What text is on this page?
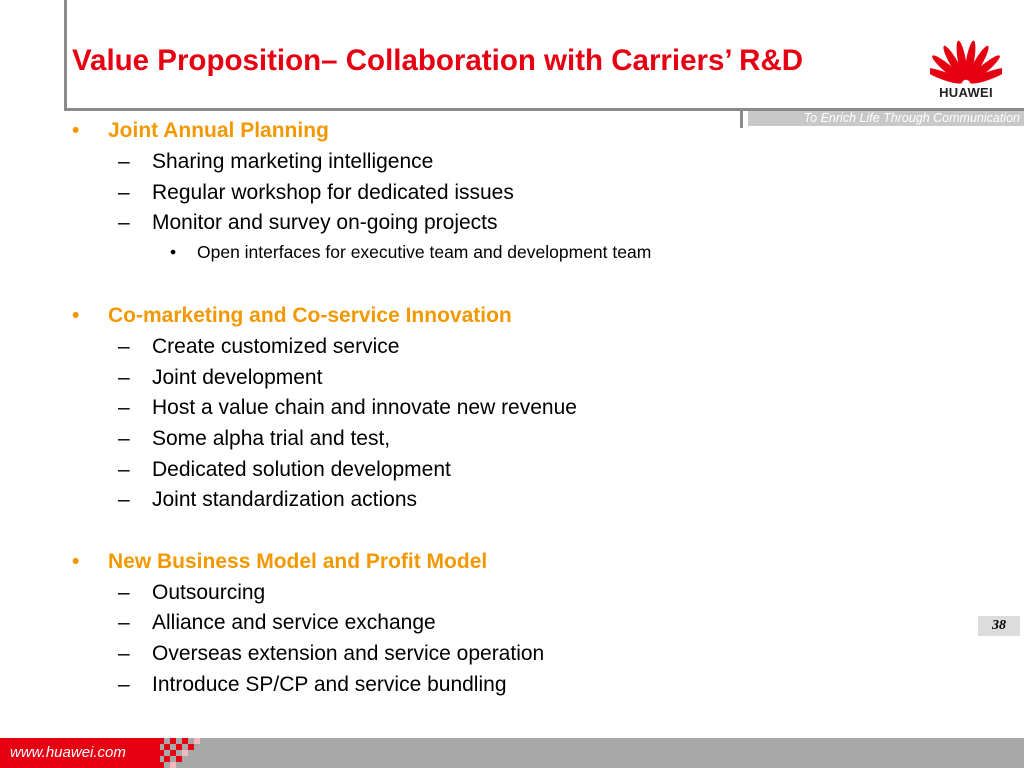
Value Proposition– Collaboration with Carriers’ R&D
HUAWEI
To Enrich Life Through Communication
• Joint Annual Planning
– Sharing marketing intelligence
– Regular workshop for dedicated issues
– Monitor and survey on-going projects
• Open interfaces for executive team and development team
• Co-marketing and Co-service Innovation
– Create customized service
– Joint development
– Host a value chain and innovate new revenue
– Some alpha trial and test,
– Dedicated solution development
– Joint standardization actions
• New Business Model and Profit Model
– Outsourcing
– Alliance and service exchange
– Overseas extension and service operation
– Introduce SP/CP and service bundling
38
www.huawei.com
